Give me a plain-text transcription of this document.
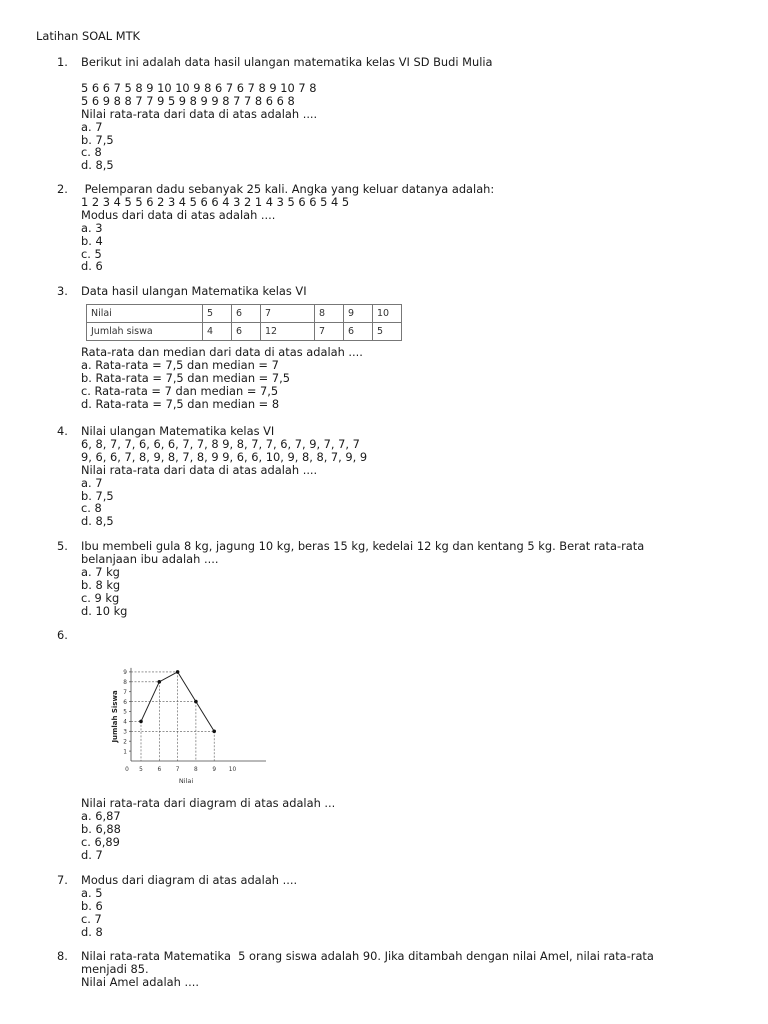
Latihan SOAL MTK
1. Berikut ini adalah data hasil ulangan matematika kelas VI SD Budi Mulia
5 6 6 7 5 8 9 10 10 9 8 6 7 6 7 8 9 10 7 8
5 6 9 8 8 7 7 9 5 9 8 9 9 8 7 7 8 6 6 8
Nilai rata-rata dari data di atas adalah ....
a. 7
b. 7,5
c. 8
d. 8,5
2. Pelemparan dadu sebanyak 25 kali. Angka yang keluar datanya adalah:
1 2 3 4 5 5 6 2 3 4 5 6 6 4 3 2 1 4 3 5 6 6 5 4 5
Modus dari data di atas adalah ....
a. 3
b. 4
c. 5
d. 6
3. Data hasil ulangan Matematika kelas VI
Nilai	5	6	7	8	9	10
Jumlah siswa	4	6	12	7	6	5
Rata-rata dan median dari data di atas adalah ....
a. Rata-rata = 7,5 dan median = 7
b. Rata-rata = 7,5 dan median = 7,5
c. Rata-rata = 7 dan median = 7,5
d. Rata-rata = 7,5 dan median = 8
4. Nilai ulangan Matematika kelas VI
6, 8, 7, 7, 6, 6, 6, 7, 7, 8 9, 8, 7, 7, 6, 7, 9, 7, 7, 7
9, 6, 6, 7, 8, 9, 8, 7, 8, 9 9, 6, 6, 10, 9, 8, 8, 7, 9, 9
Nilai rata-rata dari data di atas adalah ....
a. 7
b. 7,5
c. 8
d. 8,5
5. Ibu membeli gula 8 kg, jagung 10 kg, beras 15 kg, kedelai 12 kg dan kentang 5 kg. Berat rata-rata
belanjaan ibu adalah ....
a. 7 kg
b. 8 kg
c. 9 kg
d. 10 kg
6.
1
2
3
4
5
6
7
8
9
0 5	6	7	8	9 10
Nilai
Jumlah Siswa
Nilai rata-rata dari diagram di atas adalah ...
a. 6,87
b. 6,88
c. 6,89
d. 7
7. Modus dari diagram di atas adalah ....
a. 5
b. 6
c. 7
d. 8
8. Nilai rata-rata Matematika  5 orang siswa adalah 90. Jika ditambah dengan nilai Amel, nilai rata-rata
menjadi 85.
Nilai Amel adalah ....
